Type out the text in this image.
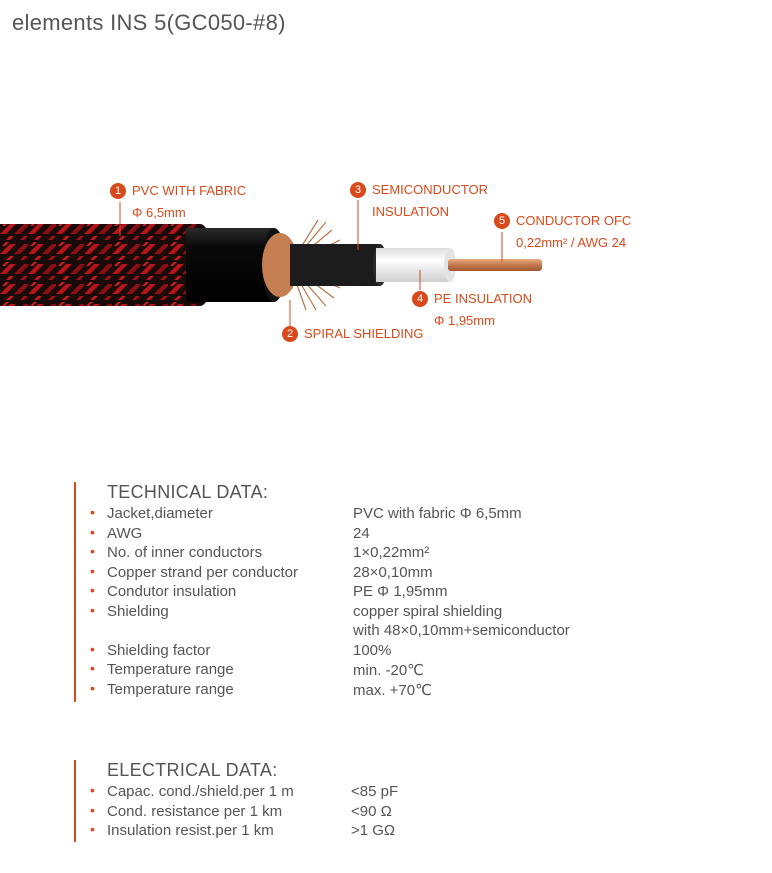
elements INS 5(GC050-#8)
1 PVC WITH FABRIC
Φ 6,5mm
2 SPIRAL SHIELDING
3 SEMICONDUCTOR
INSULATION
4 PE INSULATION
Φ 1,95mm
5 CONDUCTOR OFC
0,22mm² / AWG 24
TECHNICAL DATA:
• Jacket,diameter	PVC with fabric Φ 6,5mm
• AWG	24
• No. of inner conductors	1×0,22mm²
• Copper strand per conductor	28×0,10mm
• Condutor insulation	PE Φ 1,95mm
• Shielding	copper spiral shielding
with 48×0,10mm+semiconductor
• Shielding factor	100%
• Temperature range	min. -20℃
• Temperature range	max. +70℃
ELECTRICAL DATA:
• Capac. cond./shield.per 1 m	<85 pF
• Cond. resistance per 1 km	<90 Ω
• Insulation resist.per 1 km	>1 GΩ
